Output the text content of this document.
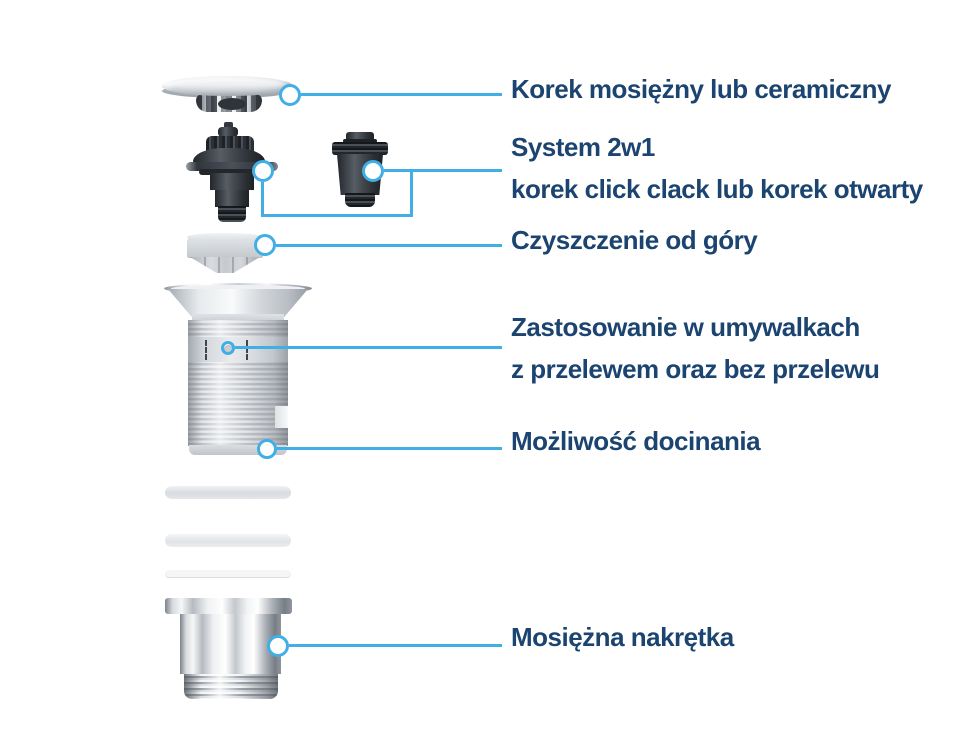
Korek mosiężny lub ceramiczny
System 2w1
korek click clack lub korek otwarty
Czyszczenie od góry
Zastosowanie w umywalkach
z przelewem oraz bez przelewu
Możliwość docinania
Mosiężna nakrętka
